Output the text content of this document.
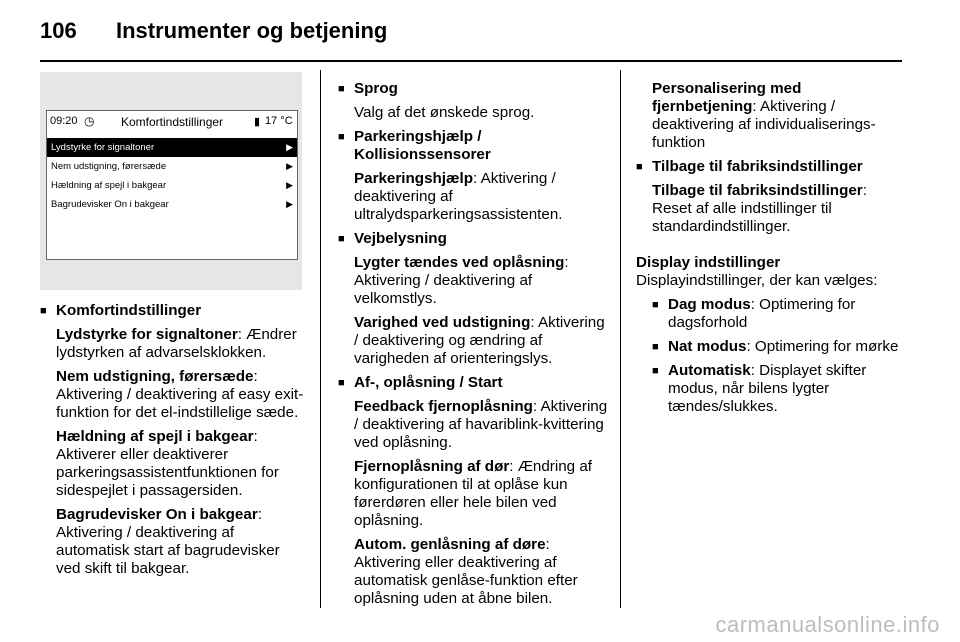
106 Instrumenter og betjening
09:20 ◷ Komfortindstillinger	▮ 17 °C
Lydstyrke for signaltoner	▶
Nem udstigning, førersæde	▶
Hældning af spejl i bakgear	▶
Bagrudevisker On i bakgear	▶
■ Komfortindstillinger
Lydstyrke for signaltoner: Ændrer lydstyrken af advarselsklokken.
Nem udstigning, førersæde: Aktivering / deaktivering af easy exit-funktion for det el-indstillelige sæde.
Hældning af spejl i bakgear: Aktiverer eller deaktiverer parkeringsassistentfunktionen for sidespejlet i passagersiden.
Bagrudevisker On i bakgear: Aktivering / deaktivering af automatisk start af bagrudevisker ved skift til bakgear.
■ Sprog
Valg af det ønskede sprog.
■ Parkeringshjælp / Kollisionssensorer
Parkeringshjælp: Aktivering / deaktivering af ultralydsparkeringsassistenten.
■ Vejbelysning
Lygter tændes ved oplåsning: Aktivering / deaktivering af velkomstlys.
Varighed ved udstigning: Aktivering / deaktivering og ændring af varigheden af orienteringslys.
■ Af-, oplåsning / Start
Feedback fjernoplåsning: Aktivering / deaktivering af havariblink-kvittering ved oplåsning.
Fjernoplåsning af dør: Ændring af konfigurationen til at oplåse kun førerdøren eller hele bilen ved oplåsning.
Autom. genlåsning af døre: Aktivering eller deaktivering af automatisk genlåse-funktion efter oplåsning uden at åbne bilen.
Personalisering med fjernbetjening: Aktivering / deaktivering af individualiserings-funktion
■ Tilbage til fabriksindstillinger
Tilbage til fabriksindstillinger: Reset af alle indstillinger til standardindstillinger.

Display indstillinger

Displayindstillinger, der kan vælges:

■ Dag modus: Optimering for dagsforhold
■ Nat modus: Optimering for mørke
■ Automatisk: Displayet skifter modus, når bilens lygter tændes/slukkes.
carmanualsonline.info
